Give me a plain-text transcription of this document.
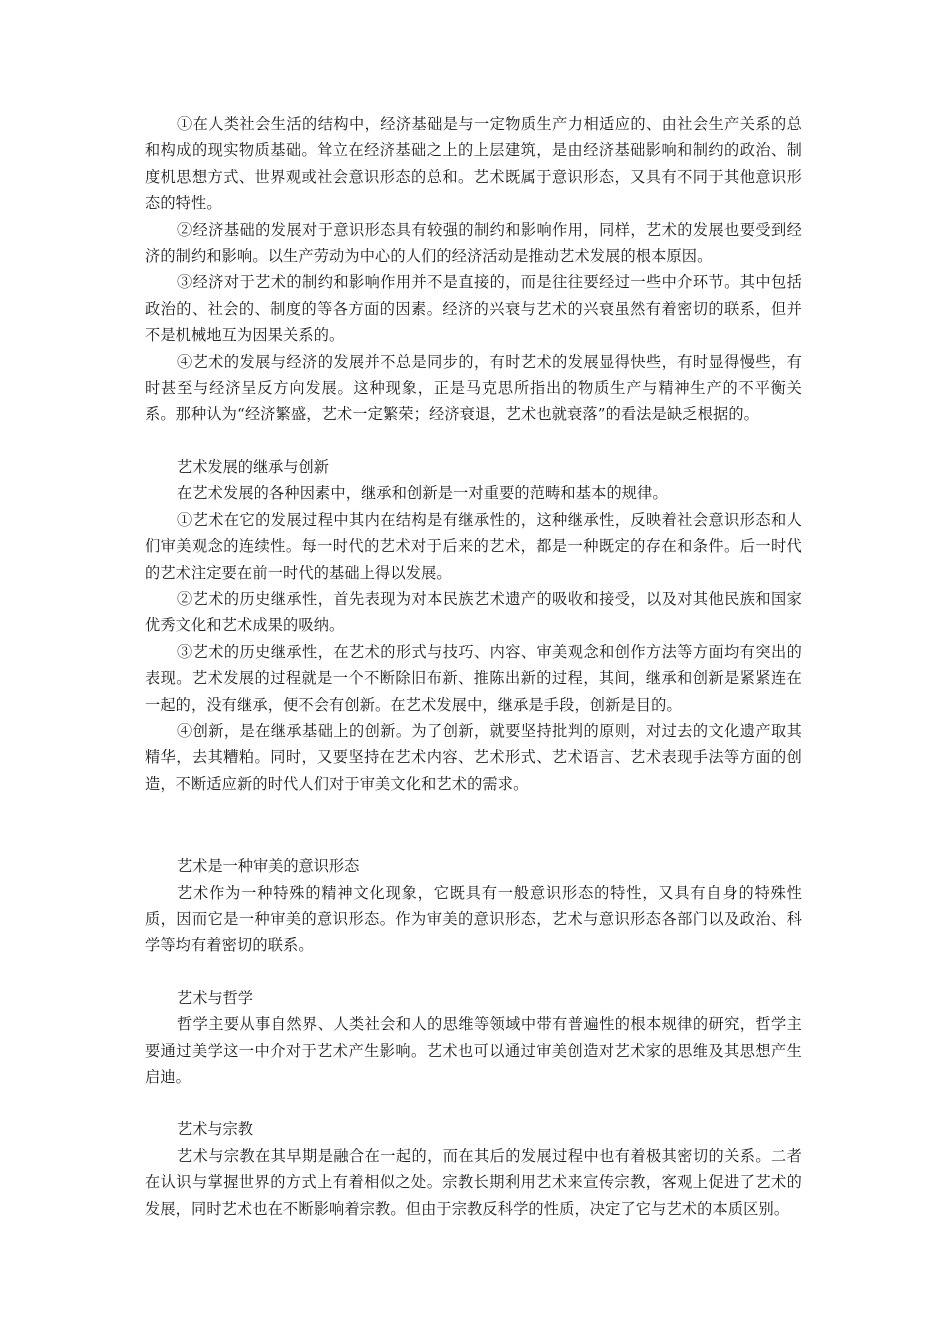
①在人类社会生活的结构中，经济基础是与一定物质生产力相适应的、由社会生产关系的总和构成的现实物质基础。耸立在经济基础之上的上层建筑，是由经济基础影响和制约的政治、制度机思想方式、世界观或社会意识形态的总和。艺术既属于意识形态，又具有不同于其他意识形态的特性。

②经济基础的发展对于意识形态具有较强的制约和影响作用，同样，艺术的发展也要受到经济的制约和影响。以生产劳动为中心的人们的经济活动是推动艺术发展的根本原因。

③经济对于艺术的制约和影响作用并不是直接的，而是往往要经过一些中介环节。其中包括政治的、社会的、制度的等各方面的因素。经济的兴衰与艺术的兴衰虽然有着密切的联系，但并不是机械地互为因果关系的。

④艺术的发展与经济的发展并不总是同步的，有时艺术的发展显得快些，有时显得慢些，有时甚至与经济呈反方向发展。这种现象，正是马克思所指出的物质生产与精神生产的不平衡关系。那种认为“经济繁盛，艺术一定繁荣；经济衰退，艺术也就衰落”的看法是缺乏根据的。

艺术发展的继承与创新

在艺术发展的各种因素中，继承和创新是一对重要的范畴和基本的规律。

①艺术在它的发展过程中其内在结构是有继承性的，这种继承性，反映着社会意识形态和人们审美观念的连续性。每一时代的艺术对于后来的艺术，都是一种既定的存在和条件。后一时代的艺术注定要在前一时代的基础上得以发展。

②艺术的历史继承性，首先表现为对本民族艺术遗产的吸收和接受，以及对其他民族和国家优秀文化和艺术成果的吸纳。

③艺术的历史继承性，在艺术的形式与技巧、内容、审美观念和创作方法等方面均有突出的表现。艺术发展的过程就是一个不断除旧布新、推陈出新的过程，其间，继承和创新是紧紧连在一起的，没有继承，便不会有创新。在艺术发展中，继承是手段，创新是目的。

④创新，是在继承基础上的创新。为了创新，就要坚持批判的原则，对过去的文化遗产取其精华，去其糟粕。同时，又要坚持在艺术内容、艺术形式、艺术语言、艺术表现手法等方面的创造，不断适应新的时代人们对于审美文化和艺术的需求。

艺术是一种审美的意识形态

艺术作为一种特殊的精神文化现象，它既具有一般意识形态的特性，又具有自身的特殊性质，因而它是一种审美的意识形态。作为审美的意识形态，艺术与意识形态各部门以及政治、科学等均有着密切的联系。

艺术与哲学

哲学主要从事自然界、人类社会和人的思维等领域中带有普遍性的根本规律的研究，哲学主要通过美学这一中介对于艺术产生影响。艺术也可以通过审美创造对艺术家的思维及其思想产生启迪。

艺术与宗教

艺术与宗教在其早期是融合在一起的，而在其后的发展过程中也有着极其密切的关系。二者在认识与掌握世界的方式上有着相似之处。宗教长期利用艺术来宣传宗教，客观上促进了艺术的发展，同时艺术也在不断影响着宗教。但由于宗教反科学的性质，决定了它与艺术的本质区别。
